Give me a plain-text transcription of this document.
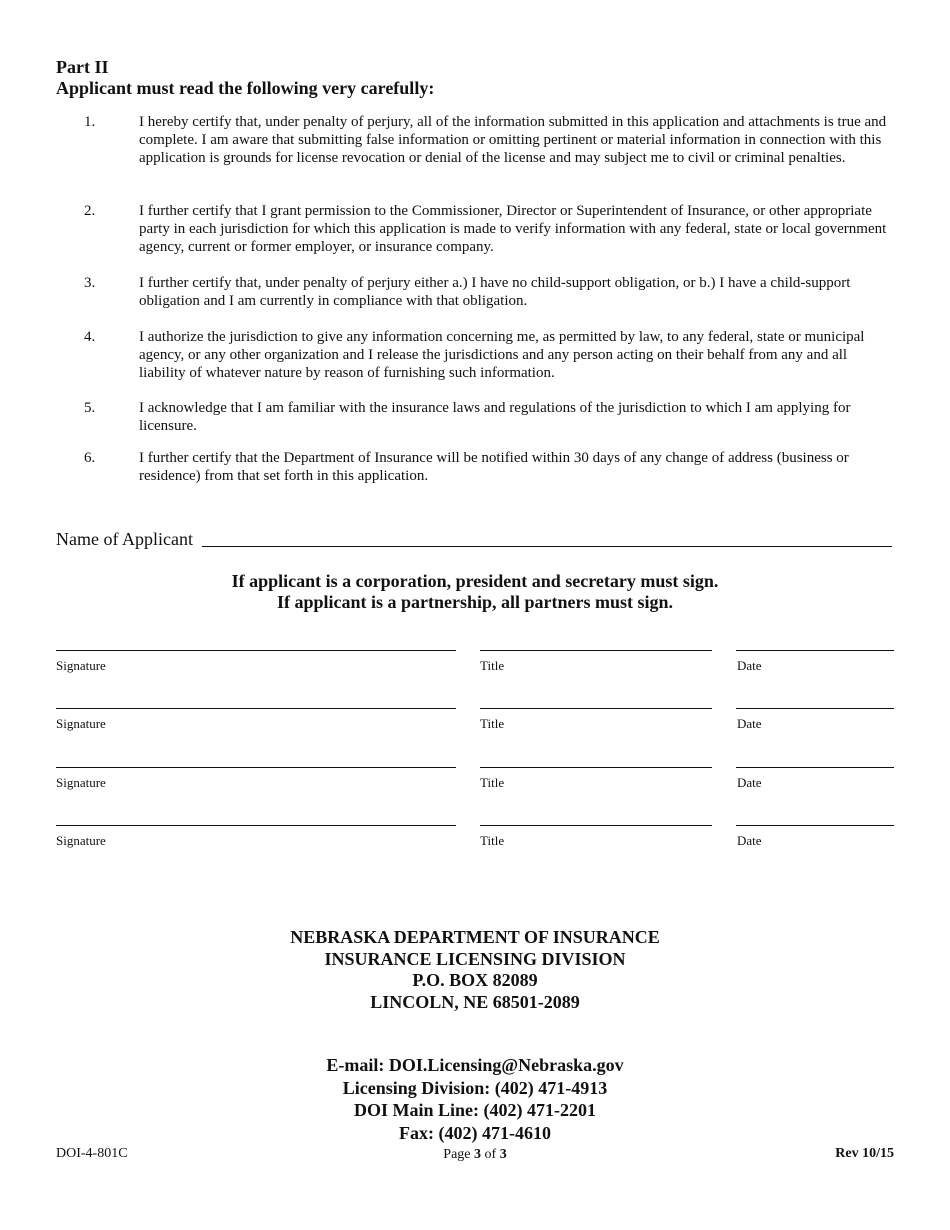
Part II
Applicant must read the following very carefully:
1.	I hereby certify that, under penalty of perjury, all of the information submitted in this application and attachments is true and complete. I am aware that submitting false information or omitting pertinent or material information in connection with this application is grounds for license revocation or denial of the license and may subject me to civil or criminal penalties.
2.	I further certify that I grant permission to the Commissioner, Director or Superintendent of Insurance, or other appropriate party in each jurisdiction for which this application is made to verify information with any federal, state or local government agency, current or former employer, or insurance company.
3.	I further certify that, under penalty of perjury either a.) I have no child-support obligation, or b.) I have a child-support obligation and I am currently in compliance with that obligation.
4.	I authorize the jurisdiction to give any information concerning me, as permitted by law, to any federal, state or municipal agency, or any other organization and I release the jurisdictions and any person acting on their behalf from any and all liability of whatever nature by reason of furnishing such information.
5.	I acknowledge that I am familiar with the insurance laws and regulations of the jurisdiction to which I am applying for licensure.
6.	I further certify that the Department of Insurance will be notified within 30 days of any change of address (business or residence) from that set forth in this application.
Name of Applicant
If applicant is a corporation, president and secretary must sign.
If applicant is a partnership, all partners must sign.
Signature	Title	Date
Signature	Title	Date
Signature	Title	Date
Signature	Title	Date
NEBRASKA DEPARTMENT OF INSURANCE
INSURANCE LICENSING DIVISION
P.O. BOX 82089
LINCOLN, NE 68501-2089
E-mail: DOI.Licensing@Nebraska.gov
Licensing Division: (402) 471-4913
DOI Main Line: (402) 471-2201
Fax: (402) 471-4610
DOI-4-801C	Page 3 of 3	Rev 10/15
